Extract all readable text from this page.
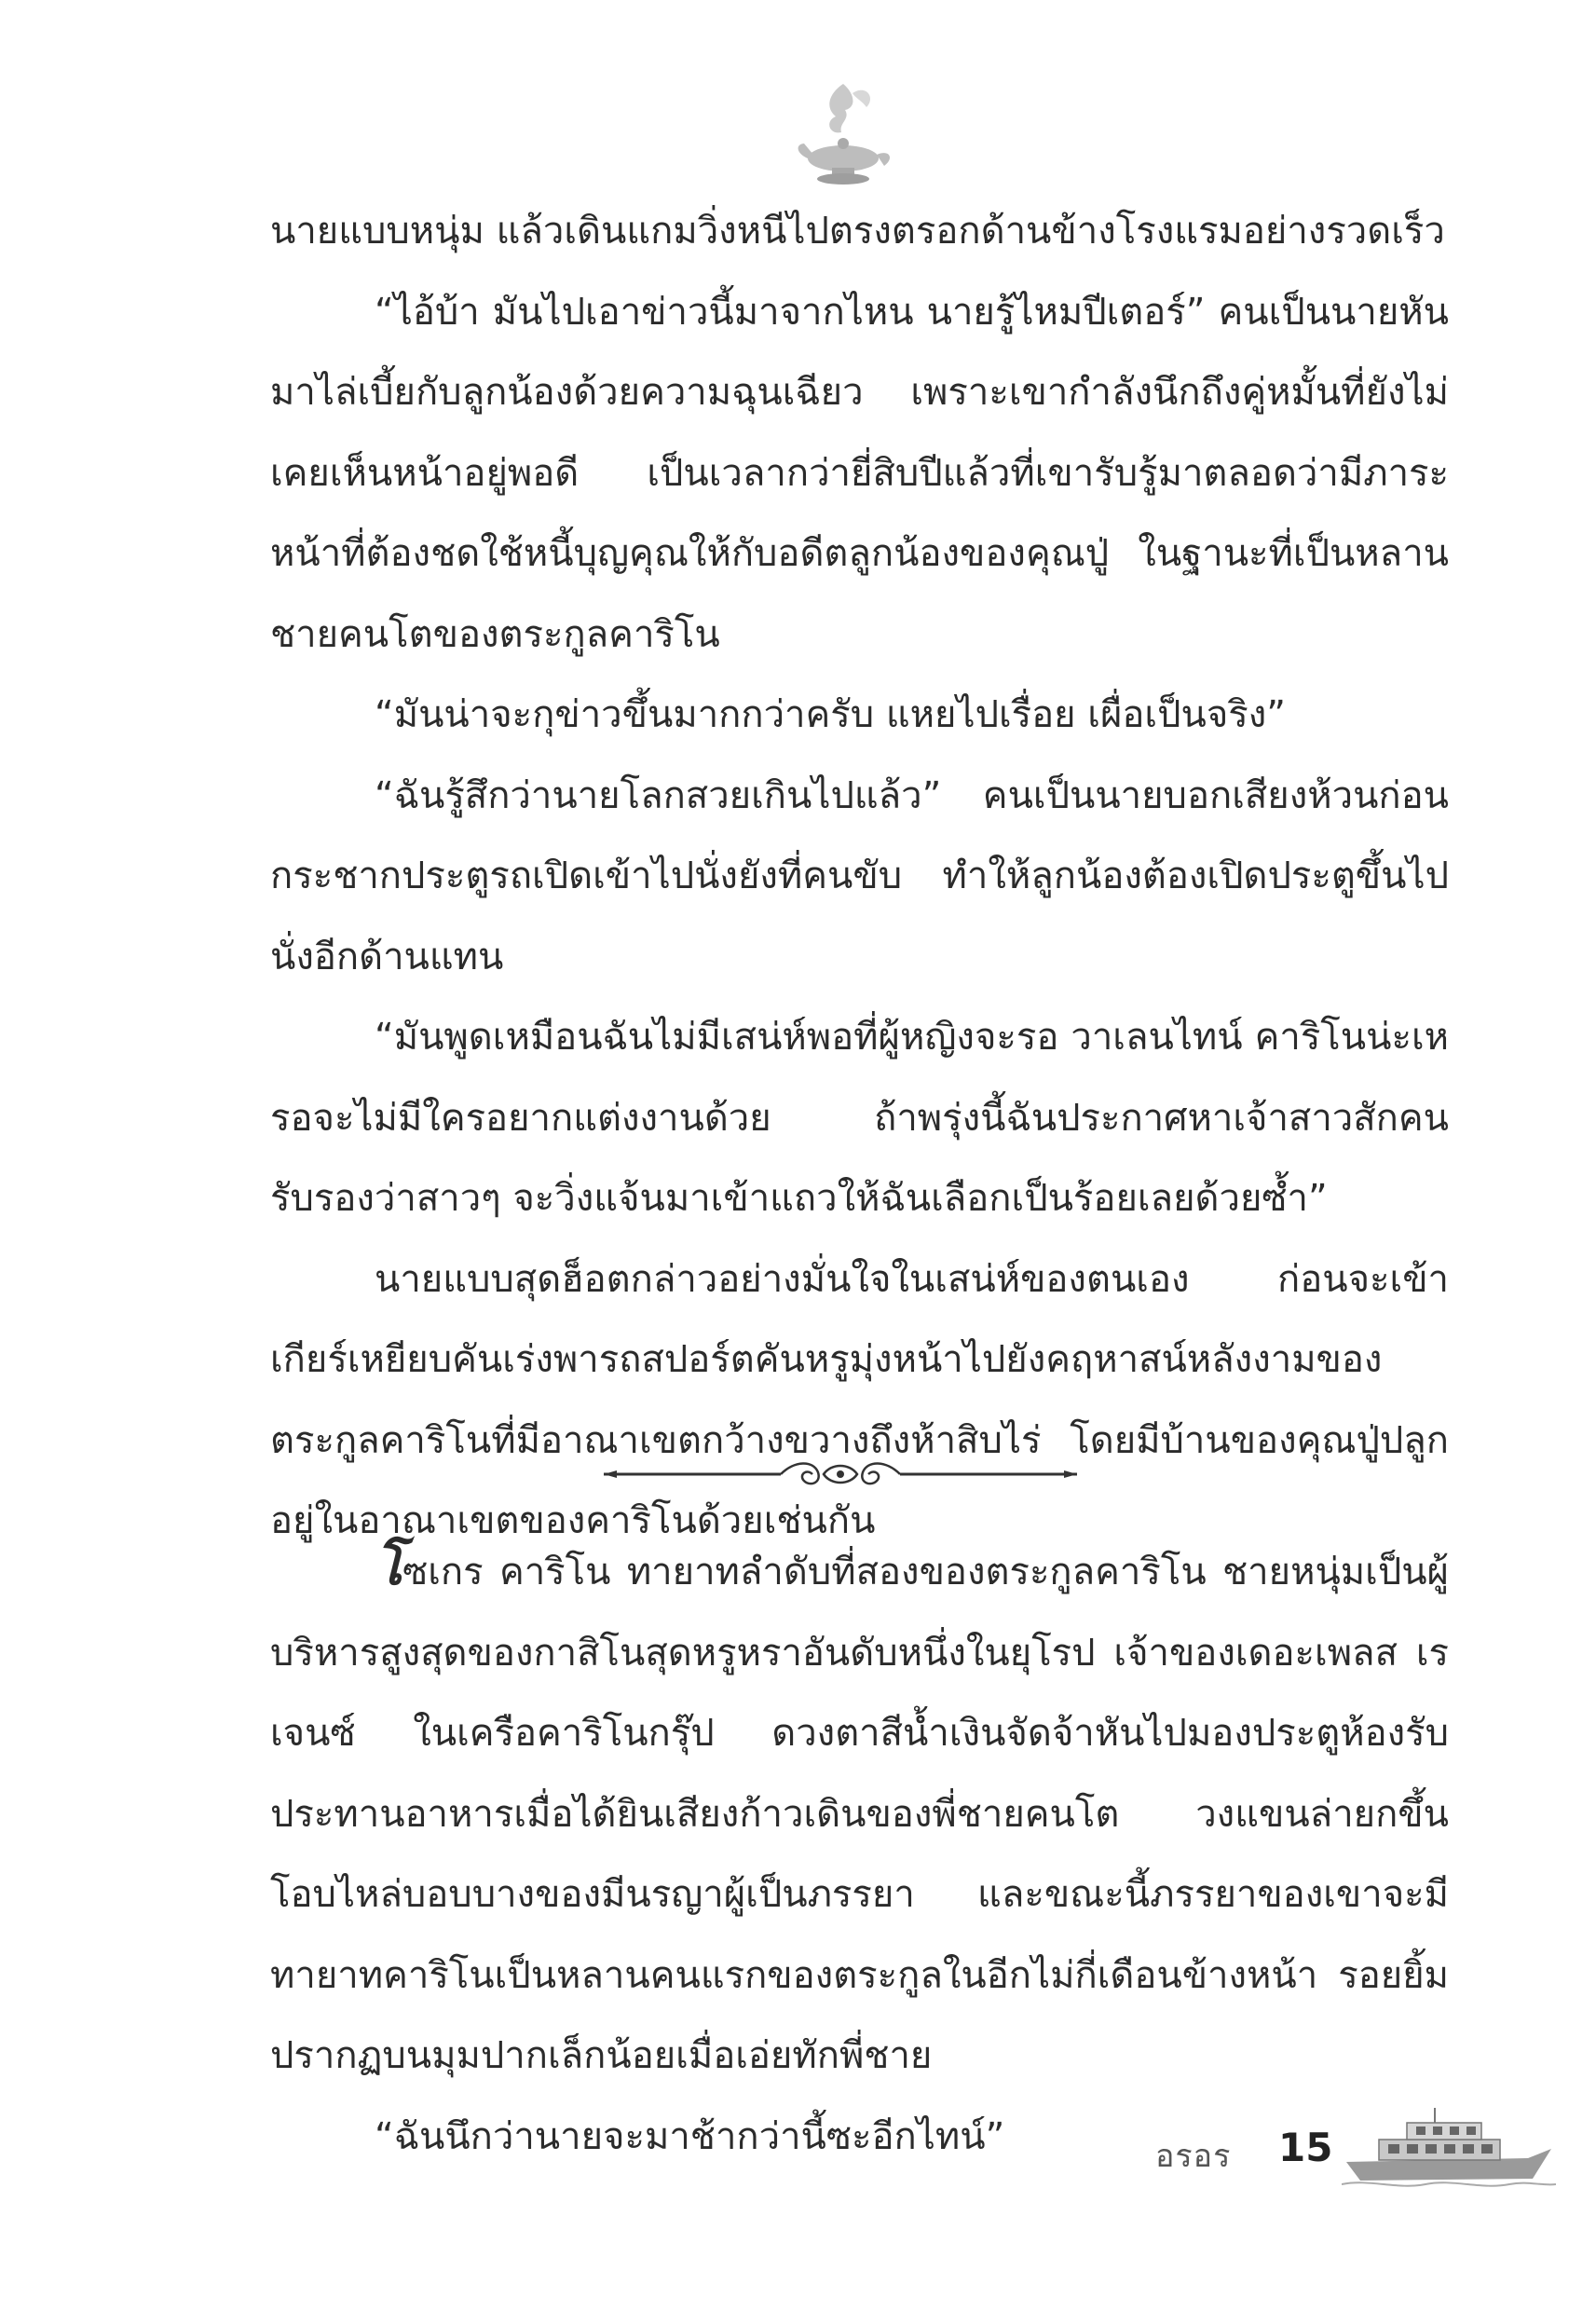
นายแบบหนุ่ม แล้วเดินแกมวิ่งหนีไปตรงตรอกด้านข้างโรงแรมอย่างรวดเร็ว

“ไอ้บ้า มันไปเอาข่าวนี้มาจากไหน นายรู้ไหมปีเตอร์” คนเป็นนายหันมาไล่เบี้ยกับลูกน้องด้วยความฉุนเฉียว เพราะเขากำลังนึกถึงคู่หมั้นที่ยังไม่เคยเห็นหน้าอยู่พอดี เป็นเวลากว่ายี่สิบปีแล้วที่เขารับรู้มาตลอดว่ามีภาระหน้าที่ต้องชดใช้หนี้บุญคุณให้กับอดีตลูกน้องของคุณปู่ ในฐานะที่เป็นหลานชายคนโตของตระกูลคาริโน

“มันน่าจะกุข่าวขึ้นมากกว่าครับ แหยไปเรื่อย เผื่อเป็นจริง”

“ฉันรู้สึกว่านายโลกสวยเกินไปแล้ว” คนเป็นนายบอกเสียงห้วนก่อนกระชากประตูรถเปิดเข้าไปนั่งยังที่คนขับ ทำให้ลูกน้องต้องเปิดประตูขึ้นไปนั่งอีกด้านแทน

“มันพูดเหมือนฉันไม่มีเสน่ห์พอที่ผู้หญิงจะรอ วาเลนไทน์ คาริโนน่ะเหรอจะไม่มีใครอยากแต่งงานด้วย ถ้าพรุ่งนี้ฉันประกาศหาเจ้าสาวสักคน รับรองว่าสาวๆ จะวิ่งแจ้นมาเข้าแถวให้ฉันเลือกเป็นร้อยเลยด้วยซ้ำ”

นายแบบสุดฮ็อตกล่าวอย่างมั่นใจในเสน่ห์ของตนเอง ก่อนจะเข้าเกียร์เหยียบคันเร่งพารถสปอร์ตคันหรูมุ่งหน้าไปยังคฤหาสน์หลังงามของตระกูลคาริโนที่มีอาณาเขตกว้างขวางถึงห้าสิบไร่ โดยมีบ้านของคุณปู่ปลูกอยู่ในอาณาเขตของคาริโนด้วยเช่นกัน

โซเกร คาริโน ทายาทลำดับที่สองของตระกูลคาริโน ชายหนุ่มเป็นผู้บริหารสูงสุดของกาสิโนสุดหรูหราอันดับหนึ่งในยุโรป เจ้าของเดอะเพลส เรเจนซ์ ในเครือคาริโนกรุ๊ป ดวงตาสีน้ำเงินจัดจ้าหันไปมองประตูห้องรับประทานอาหารเมื่อได้ยินเสียงก้าวเดินของพี่ชายคนโต วงแขนล่ายกขึ้นโอบไหล่บอบบางของมีนรญาผู้เป็นภรรยา และขณะนี้ภรรยาของเขาจะมีทายาทคาริโนเป็นหลานคนแรกของตระกูลในอีกไม่กี่เดือนข้างหน้า รอยยิ้มปรากฏบนมุมปากเล็กน้อยเมื่อเอ่ยทักพี่ชาย

“ฉันนึกว่านายจะมาช้ากว่านี้ซะอีกไทน์”	อรอร 15
